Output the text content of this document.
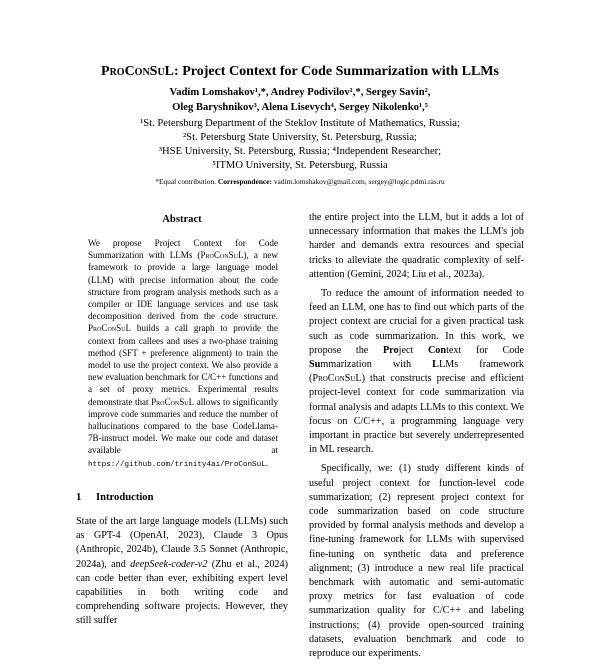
ProConSuL: Project Context for Code Summarization with LLMs
Vadim Lomshakov¹,*, Andrey Podivilov¹,*, Sergey Savin²,
Oleg Baryshnikov³, Alena Lisevych⁴, Sergey Nikolenko¹,⁵
¹St. Petersburg Department of the Steklov Institute of Mathematics, Russia;
²St. Petersburg State University, St. Petersburg, Russia;
³HSE University, St. Petersburg, Russia; ⁴Independent Researcher;
⁵ITMO University, St. Petersburg, Russia
*Equal contribution. Correspondence: vadim.lomshakov@gmail.com, sergey@logic.pdmi.ras.ru
Abstract

We propose Project Context for Code Summarization with LLMs (ProConSuL), a new framework to provide a large language model (LLM) with precise information about the code structure from program analysis methods such as a compiler or IDE language services and use task decomposition derived from the code structure. ProConSuL builds a call graph to provide the context from callees and uses a two-phase training method (SFT + preference alignment) to train the model to use the project context. We also provide a new evaluation benchmark for C/C++ functions and a set of proxy metrics. Experimental results demonstrate that ProConSuL allows to significantly improve code summaries and reduce the number of hallucinations compared to the base CodeLlama-7B-instruct model. We make our code and dataset available at https://github.com/trinity4ai/ProConSuL.

1 Introduction

State of the art large language models (LLMs) such as GPT-4 (OpenAI, 2023), Claude 3 Opus (Anthropic, 2024b), Claude 3.5 Sonnet (Anthropic, 2024a), and deepSeek-coder-v2 (Zhu et al., 2024) can code better than ever, exhibiting expert level capabilities in both writing code and comprehending software projects. However, they still suffer

the entire project into the LLM, but it adds a lot of unnecessary information that makes the LLM's job harder and demands extra resources and special tricks to alleviate the quadratic complexity of self-attention (Gemini, 2024; Liu et al., 2023a).

To reduce the amount of information needed to feed an LLM, one has to find out which parts of the project context are crucial for a given practical task such as code summarization. In this work, we propose the Project Context for Code Summarization with LLMs framework (ProConSuL) that constructs precise and efficient project-level context for code summarization via formal analysis and adapts LLMs to this context. We focus on C/C++, a programming language very important in practice but severely underrepresented in ML research.

Specifically, we: (1) study different kinds of useful project context for function-level code summarization; (2) represent project context for code summarization based on code structure provided by formal analysis methods and develop a fine-tuning framework for LLMs with supervised fine-tuning on synthetic data and preference alignment; (3) introduce a new real life practical benchmark with automatic and semi-automatic proxy metrics for fast evaluation of code summarization quality for C/C++ and labeling instructions; (4) provide open-sourced training datasets, evaluation benchmark and code to reproduce our experiments.
